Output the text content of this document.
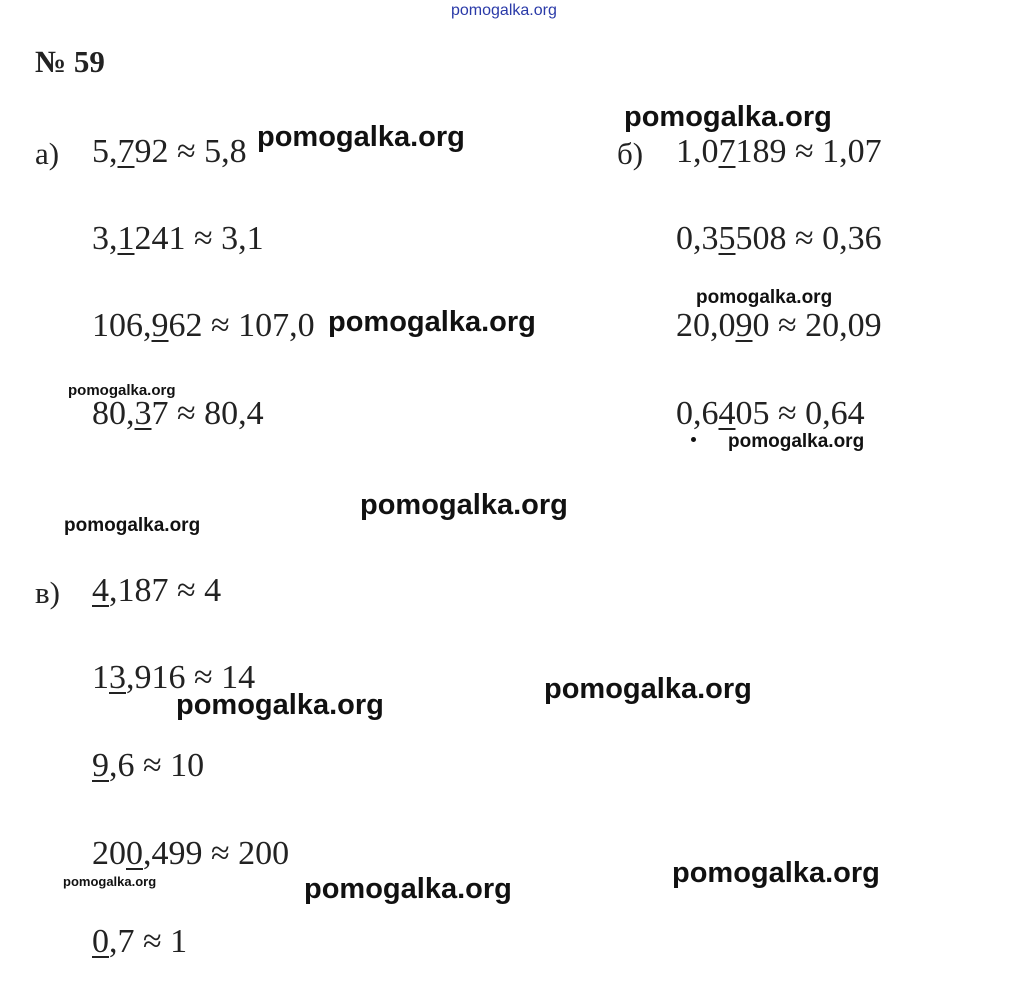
pomogalka.org
№ 59
а) 5,792 ≈ 5,8
3,1241 ≈ 3,1
106,962 ≈ 107,0
80,37 ≈ 80,4
б) 1,07189 ≈ 1,07
0,35508 ≈ 0,36
20,090 ≈ 20,09
0,6405 ≈ 0,64
в) 4,187 ≈ 4
13,916 ≈ 14
9,6 ≈ 10
200,499 ≈ 200
0,7 ≈ 1
pomogalka.org
pomogalka.org
pomogalka.org
pomogalka.org
pomogalka.org
pomogalka.org
pomogalka.org
pomogalka.org
pomogalka.org
pomogalka.org
pomogalka.org
pomogalka.org	pomogalka.org
